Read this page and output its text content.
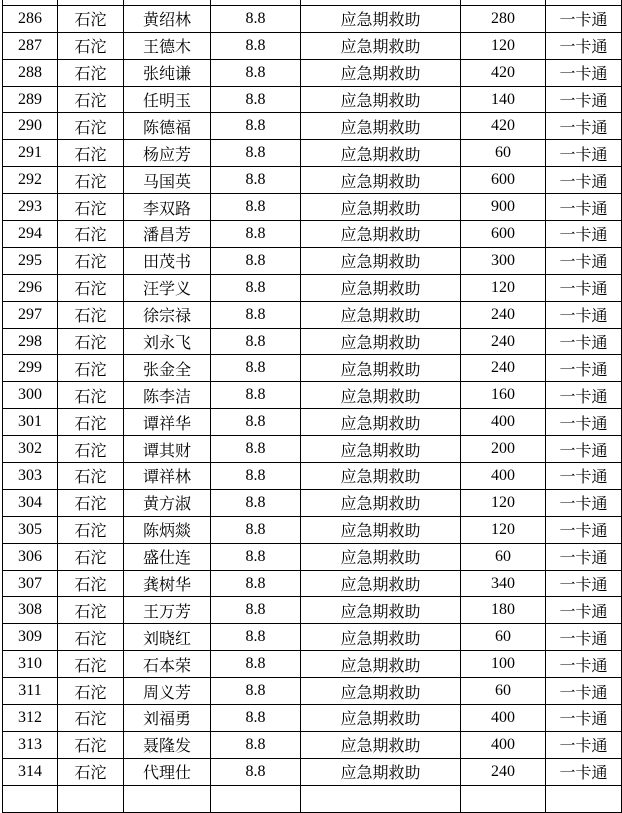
286	石沱	黄绍林	8.8	应急期救助	280	一卡通
287	石沱	王德木	8.8	应急期救助	120	一卡通
288	石沱	张纯谦	8.8	应急期救助	420	一卡通
289	石沱	任明玉	8.8	应急期救助	140	一卡通
290	石沱	陈德福	8.8	应急期救助	420	一卡通
291	石沱	杨应芳	8.8	应急期救助	60	一卡通
292	石沱	马国英	8.8	应急期救助	600	一卡通
293	石沱	李双路	8.8	应急期救助	900	一卡通
294	石沱	潘昌芳	8.8	应急期救助	600	一卡通
295	石沱	田茂书	8.8	应急期救助	300	一卡通
296	石沱	汪学义	8.8	应急期救助	120	一卡通
297	石沱	徐宗禄	8.8	应急期救助	240	一卡通
298	石沱	刘永飞	8.8	应急期救助	240	一卡通
299	石沱	张金全	8.8	应急期救助	240	一卡通
300	石沱	陈李洁	8.8	应急期救助	160	一卡通
301	石沱	谭祥华	8.8	应急期救助	400	一卡通
302	石沱	谭其财	8.8	应急期救助	200	一卡通
303	石沱	谭祥林	8.8	应急期救助	400	一卡通
304	石沱	黄方淑	8.8	应急期救助	120	一卡通
305	石沱	陈炳燚	8.8	应急期救助	120	一卡通
306	石沱	盛仕连	8.8	应急期救助	60	一卡通
307	石沱	龚树华	8.8	应急期救助	340	一卡通
308	石沱	王万芳	8.8	应急期救助	180	一卡通
309	石沱	刘晓红	8.8	应急期救助	60	一卡通
310	石沱	石本荣	8.8	应急期救助	100	一卡通
311	石沱	周义芳	8.8	应急期救助	60	一卡通
312	石沱	刘福勇	8.8	应急期救助	400	一卡通
313	石沱	聂隆发	8.8	应急期救助	400	一卡通
314	石沱	代理仕	8.8	应急期救助	240	一卡通
